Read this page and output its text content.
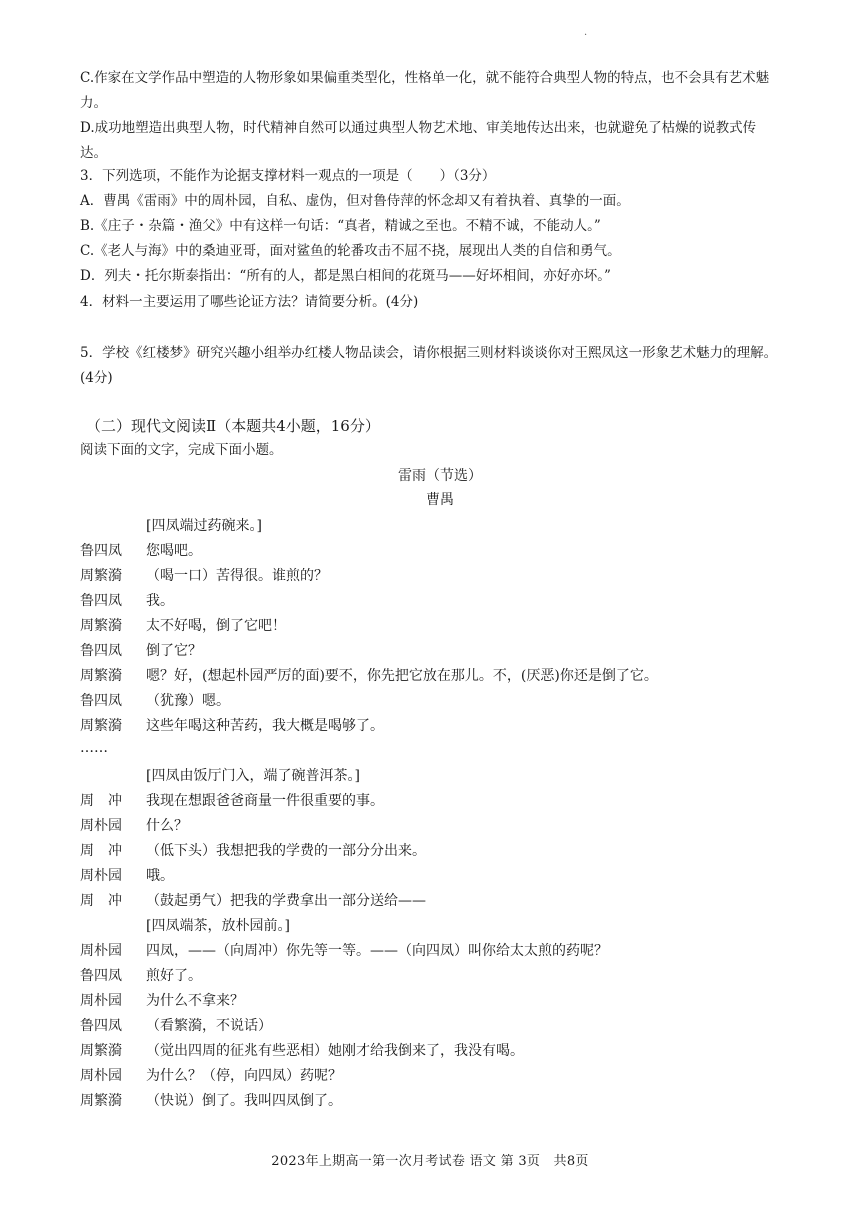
·
C.作家在文学作品中塑造的人物形象如果偏重类型化，性格单一化，就不能符合典型人物的特点，也不会具有艺术魅力。
D.成功地塑造出典型人物，时代精神自然可以通过典型人物艺术地、审美地传达出来，也就避免了枯燥的说教式传达。
3．下列选项，不能作为论据支撑材料一观点的一项是（　　）（3分）
A．曹禺《雷雨》中的周朴园，自私、虚伪，但对鲁侍萍的怀念却又有着执着、真挚的一面。
B.《庄子・杂篇・渔父》中有这样一句话：“真者，精诚之至也。不精不诚，不能动人。”
C.《老人与海》中的桑迪亚哥，面对鲨鱼的轮番攻击不屈不挠，展现出人类的自信和勇气。
D．列夫・托尔斯泰指出：“所有的人，都是黑白相间的花斑马——好坏相间，亦好亦坏。”
4．材料一主要运用了哪些论证方法？请简要分析。(4分)
5．学校《红楼梦》研究兴趣小组举办红楼人物品读会，请你根据三则材料谈谈你对王熙凤这一形象艺术魅力的理解。(4分)
（二）现代文阅读Ⅱ（本题共4小题，16分）
阅读下面的文字，完成下面小题。
雷雨（节选）
曹禺
[四凤端过药碗来。]
鲁四凤 您喝吧。
周繁漪 （喝一口）苦得很。谁煎的？
鲁四凤 我。
周繁漪 太不好喝，倒了它吧！
鲁四凤 倒了它？
周繁漪 嗯？好，(想起朴园严厉的面)要不，你先把它放在那儿。不，(厌恶)你还是倒了它。
鲁四凤 （犹豫）嗯。
周繁漪 这些年喝这种苦药，我大概是喝够了。
……
[四凤由饭厅门入，端了碗普洱茶。]
周　冲 我现在想跟爸爸商量一件很重要的事。
周朴园 什么？
周　冲 （低下头）我想把我的学费的一部分分出来。
周朴园 哦。
周　冲 （鼓起勇气）把我的学费拿出一部分送给——
[四凤端茶，放朴园前。]
周朴园 四凤，——（向周冲）你先等一等。——（向四凤）叫你给太太煎的药呢？
鲁四凤 煎好了。
周朴园 为什么不拿来？
鲁四凤 （看繁漪，不说话）
周繁漪 （觉出四周的征兆有些恶相）她刚才给我倒来了，我没有喝。
周朴园 为什么？（停，向四凤）药呢？
周繁漪 （快说）倒了。我叫四凤倒了。
2023年上期高一第一次月考试卷 语文 第 3页　共8页
